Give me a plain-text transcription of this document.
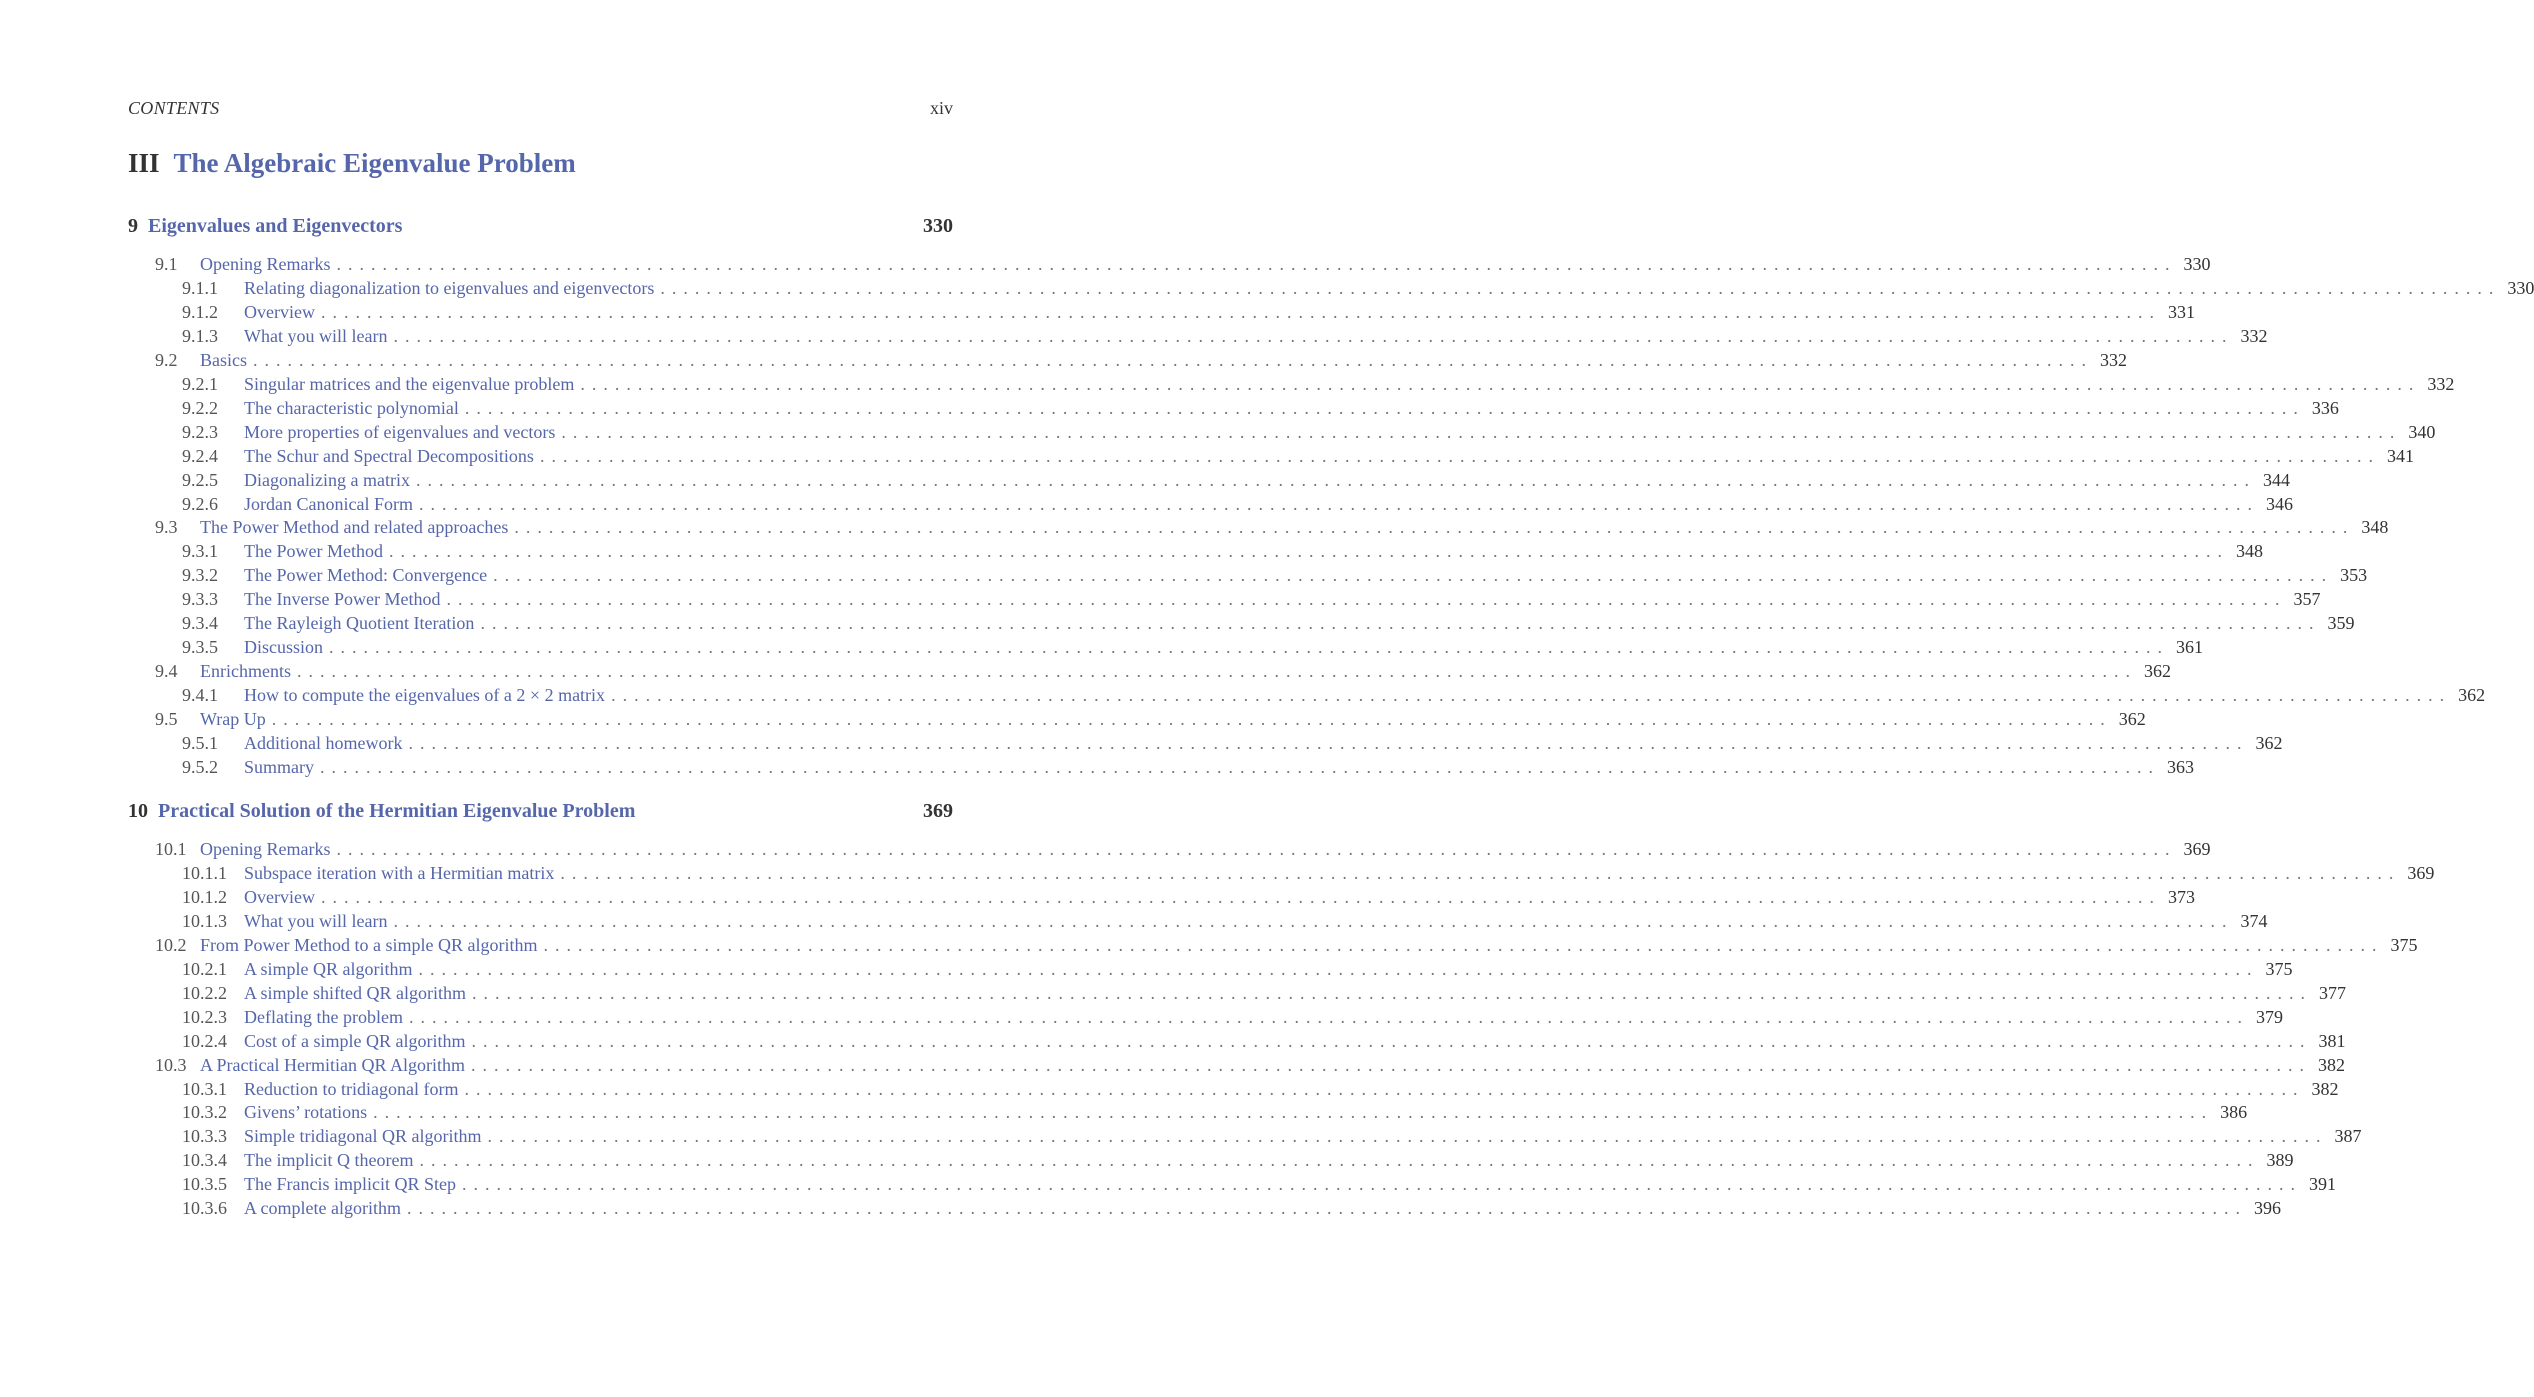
CONTENTS	xiv
III The Algebraic Eigenvalue Problem
9 Eigenvalues and Eigenvectors	330
9.1	Opening Remarks ................................................................................................................................................................ 330
9.1.1	Relating diagonalization to eigenvalues and eigenvectors ................................................................................................................................................................ 330
9.1.2	Overview ................................................................................................................................................................ 331
9.1.3	What you will learn ................................................................................................................................................................ 332
9.2	Basics ................................................................................................................................................................ 332
9.2.1	Singular matrices and the eigenvalue problem ................................................................................................................................................................ 332
9.2.2	The characteristic polynomial ................................................................................................................................................................ 336
9.2.3	More properties of eigenvalues and vectors ................................................................................................................................................................ 340
9.2.4	The Schur and Spectral Decompositions ................................................................................................................................................................ 341
9.2.5	Diagonalizing a matrix ................................................................................................................................................................ 344
9.2.6	Jordan Canonical Form ................................................................................................................................................................ 346
9.3	The Power Method and related approaches ................................................................................................................................................................ 348
9.3.1	The Power Method ................................................................................................................................................................ 348
9.3.2	The Power Method: Convergence ................................................................................................................................................................ 353
9.3.3	The Inverse Power Method ................................................................................................................................................................ 357
9.3.4	The Rayleigh Quotient Iteration ................................................................................................................................................................ 359
9.3.5	Discussion ................................................................................................................................................................ 361
9.4	Enrichments ................................................................................................................................................................ 362
9.4.1	How to compute the eigenvalues of a 2 × 2 matrix ................................................................................................................................................................ 362
9.5	Wrap Up ................................................................................................................................................................ 362
9.5.1	Additional homework ................................................................................................................................................................ 362
9.5.2	Summary ................................................................................................................................................................ 363
10 Practical Solution of the Hermitian Eigenvalue Problem	369
10.1 Opening Remarks ................................................................................................................................................................ 369
10.1.1 Subspace iteration with a Hermitian matrix ................................................................................................................................................................ 369
10.1.2 Overview ................................................................................................................................................................ 373
10.1.3 What you will learn ................................................................................................................................................................ 374
10.2 From Power Method to a simple QR algorithm ................................................................................................................................................................ 375
10.2.1 A simple QR algorithm ................................................................................................................................................................ 375
10.2.2 A simple shifted QR algorithm ................................................................................................................................................................ 377
10.2.3 Deflating the problem ................................................................................................................................................................ 379
10.2.4 Cost of a simple QR algorithm ................................................................................................................................................................ 381
10.3 A Practical Hermitian QR Algorithm ................................................................................................................................................................ 382
10.3.1 Reduction to tridiagonal form ................................................................................................................................................................ 382
10.3.2 Givens’ rotations ................................................................................................................................................................ 386
10.3.3 Simple tridiagonal QR algorithm ................................................................................................................................................................ 387
10.3.4 The implicit Q theorem ................................................................................................................................................................ 389
10.3.5 The Francis implicit QR Step ................................................................................................................................................................ 391
10.3.6 A complete algorithm ................................................................................................................................................................ 396
